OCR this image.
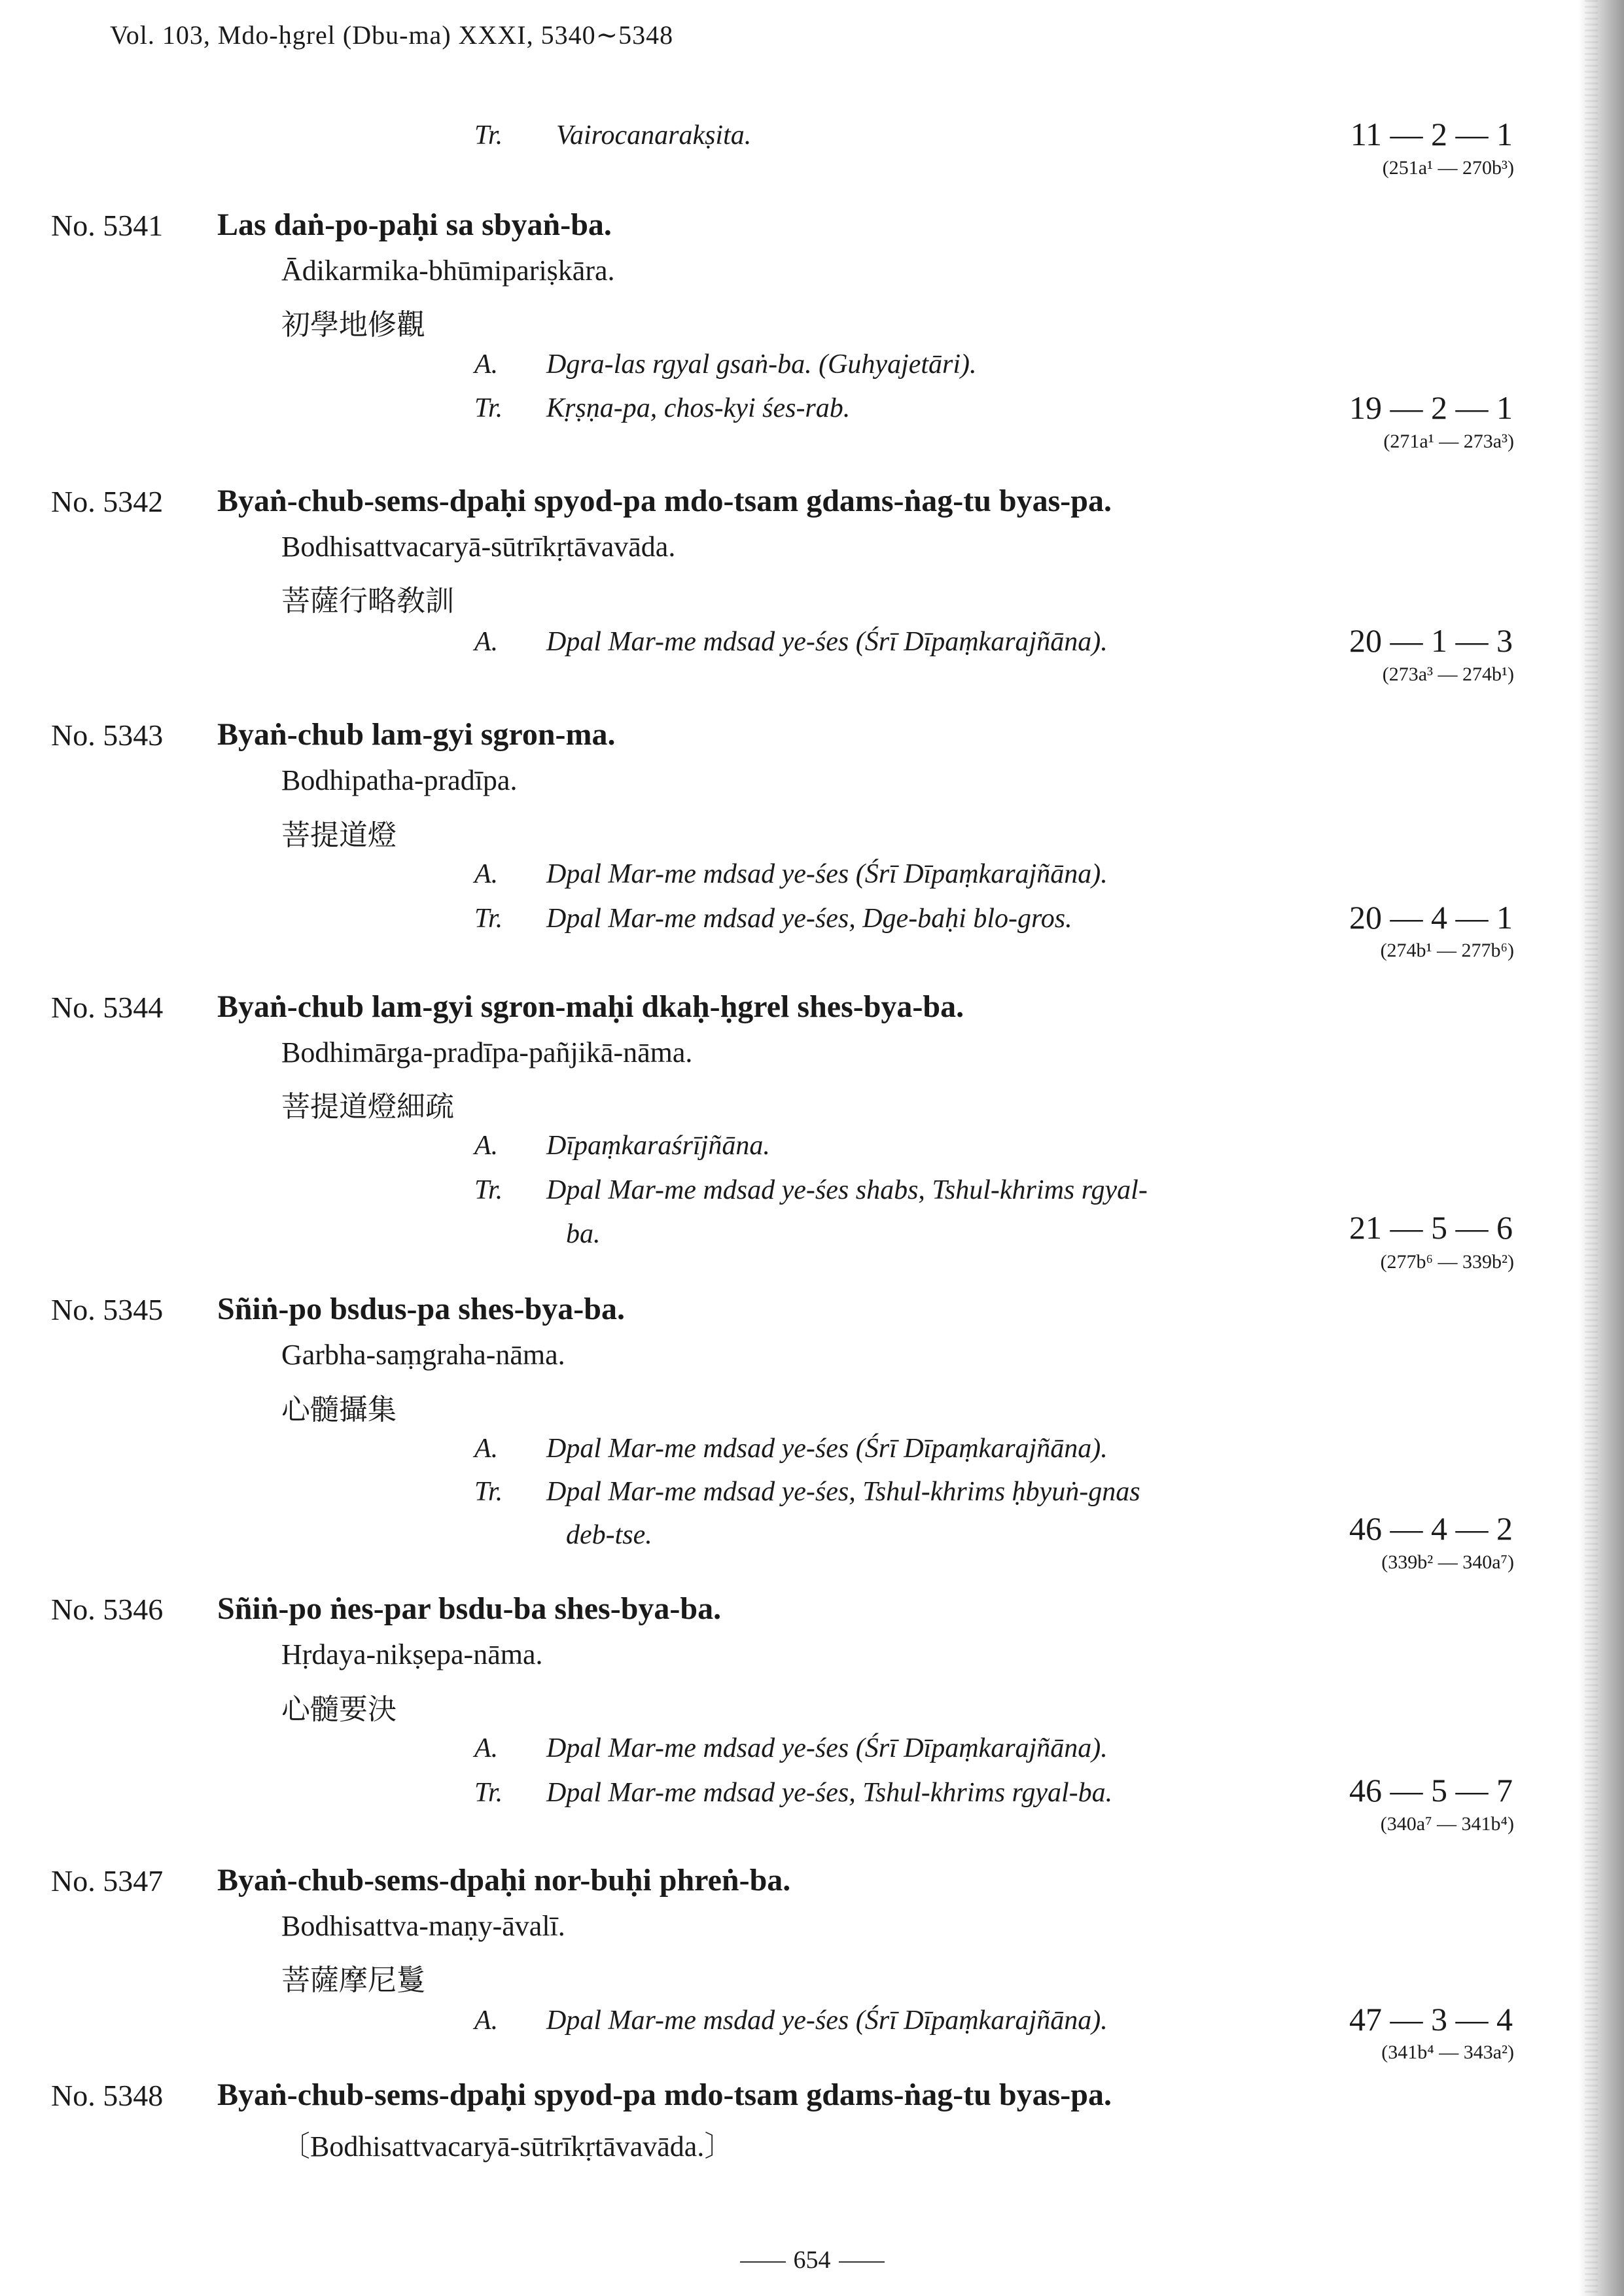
Vol. 103, Mdo-ḥgrel (Dbu-ma) XXXI, 5340∼5348
Tr. Vairocanarakṣita.	11 — 2 — 1
(251a¹ — 270b³)
No. 5341 Las daṅ-po-paḥi sa sbyaṅ-ba.
Ādikarmika-bhūmipariṣkāra.
初學地修觀
A. Dgra-las rgyal gsaṅ-ba. (Guhyajetāri).
Tr. Kṛṣṇa-pa, chos-kyi śes-rab.	19 — 2 — 1
(271a¹ — 273a³)
No. 5342 Byaṅ-chub-sems-dpaḥi spyod-pa mdo-tsam gdams-ṅag-tu byas-pa.
Bodhisattvacaryā-sūtrīkṛtāvavāda.
菩薩行略敎訓
A. Dpal Mar-me mdsad ye-śes (Śrī Dīpaṃkarajñāna).	20 — 1 — 3
(273a³ — 274b¹)
No. 5343 Byaṅ-chub lam-gyi sgron-ma.
Bodhipatha-pradīpa.
菩提道燈
A. Dpal Mar-me mdsad ye-śes (Śrī Dīpaṃkarajñāna).
Tr. Dpal Mar-me mdsad ye-śes, Dge-baḥi blo-gros.	20 — 4 — 1
(274b¹ — 277b⁶)
No. 5344 Byaṅ-chub lam-gyi sgron-maḥi dkaḥ-ḥgrel shes-bya-ba.
Bodhimārga-pradīpa-pañjikā-nāma.
菩提道燈細疏
A. Dīpaṃkaraśrījñāna.
Tr. Dpal Mar-me mdsad ye-śes shabs, Tshul-khrims rgyal-
ba.	21 — 5 — 6
(277b⁶ — 339b²)
No. 5345 Sñiṅ-po bsdus-pa shes-bya-ba.
Garbha-saṃgraha-nāma.
心髓攝集
A. Dpal Mar-me mdsad ye-śes (Śrī Dīpaṃkarajñāna).
Tr. Dpal Mar-me mdsad ye-śes, Tshul-khrims ḥbyuṅ-gnas
deb-tse.	46 — 4 — 2
(339b² — 340a⁷)
No. 5346 Sñiṅ-po ṅes-par bsdu-ba shes-bya-ba.
Hṛdaya-nikṣepa-nāma.
心髓要決
A. Dpal Mar-me mdsad ye-śes (Śrī Dīpaṃkarajñāna).
Tr. Dpal Mar-me mdsad ye-śes, Tshul-khrims rgyal-ba.	46 — 5 — 7
(340a⁷ — 341b⁴)
No. 5347 Byaṅ-chub-sems-dpaḥi nor-buḥi phreṅ-ba.
Bodhisattva-maṇy-āvalī.
菩薩摩尼鬘
A. Dpal Mar-me msdad ye-śes (Śrī Dīpaṃkarajñāna).	47 — 3 — 4
(341b⁴ — 343a²)
No. 5348 Byaṅ-chub-sems-dpaḥi spyod-pa mdo-tsam gdams-ṅag-tu byas-pa.
〔Bodhisattvacaryā-sūtrīkṛtāvavāda.〕
654
